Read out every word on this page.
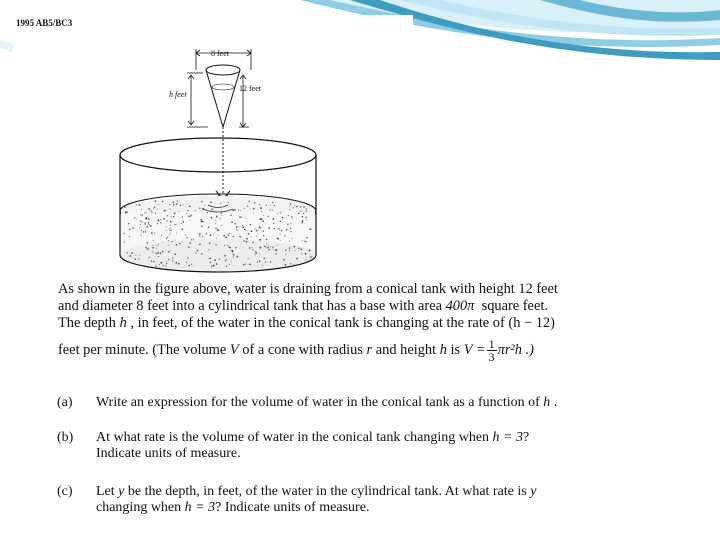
1995 AB5/BC3
8 feet
12 feet
h feet

As shown in the figure above, water is draining from a conical tank with height 12 feet

and diameter 8 feet into a cylindrical tank that has a base with area 400π square feet.

The depth h , in feet, of the water in the conical tank is changing at the rate of (h − 12)

feet per minute. (The volume V of a cone with radius r and height h is $V = \frac{1}{3} \pi r^2h$ .)

(a) Write an expression for the volume of water in the conical tank as a function of h .

(b) At what rate is the volume of water in the conical tank changing when h = 3?

Indicate units of measure.

(c) Let y be the depth, in feet, of the water in the cylindrical tank. At what rate is y

changing when h = 3? Indicate units of measure.
